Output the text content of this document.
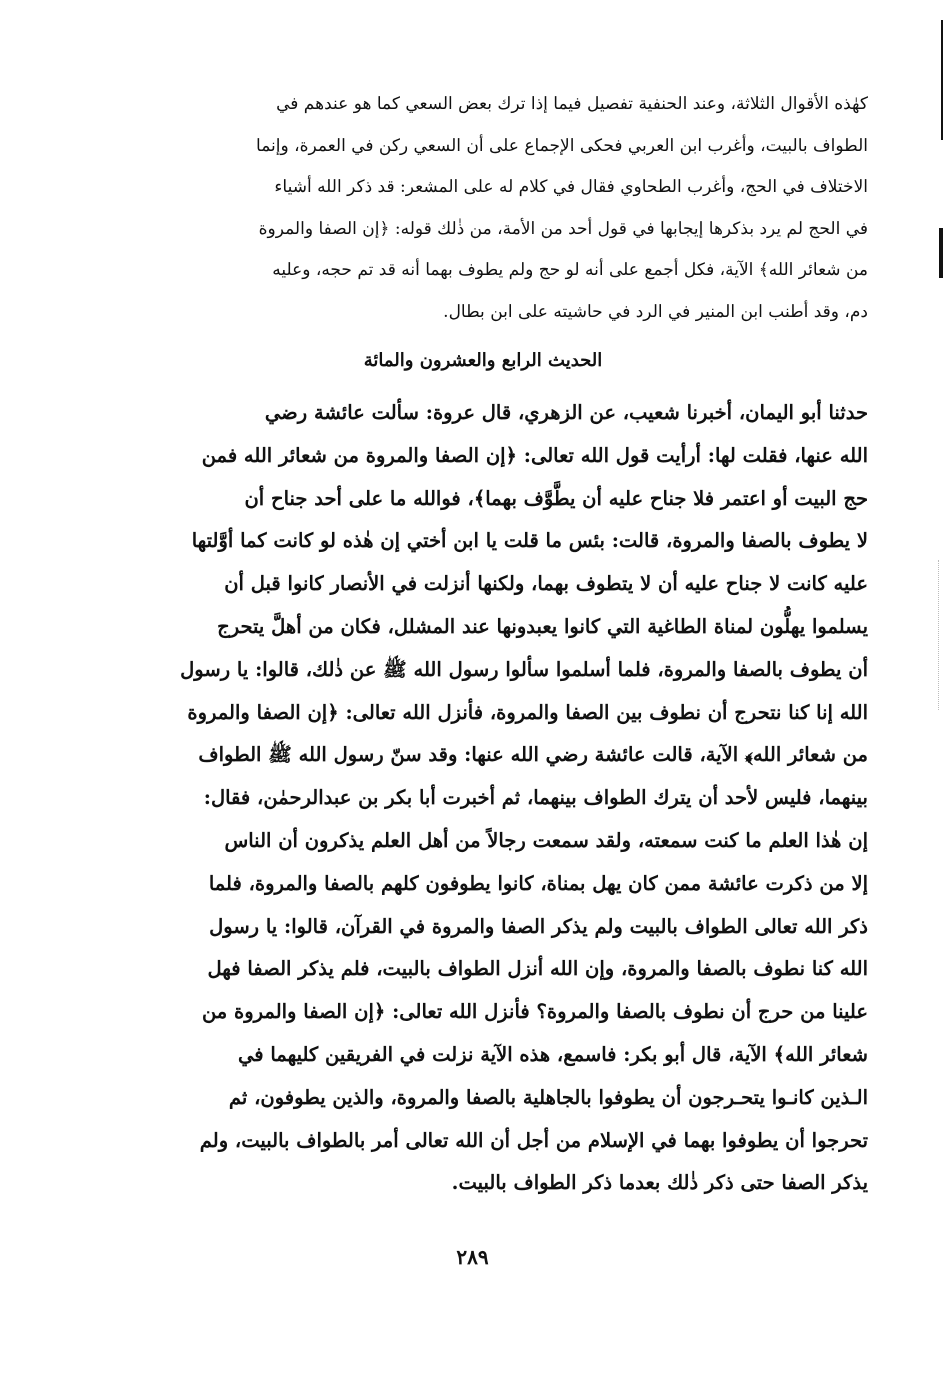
كهٰذه الأقوال الثلاثة، وعند الحنفية تفصيل فيما إذا ترك بعض السعي كما هو عندهم في
الطواف بالبيت، وأغرب ابن العربي فحكى الإجماع على أن السعي ركن في العمرة، وإنما
الاختلاف في الحج، وأغرب الطحاوي فقال في كلام له على المشعر: قد ذكر الله أشياء
في الحج لم يرد بذكرها إيجابها في قول أحد من الأمة، من ذٰلك قوله: ﴿إن الصفا والمروة
من شعائر الله﴾ الآية، فكل أجمع على أنه لو حج ولم يطوف بهما أنه قد تم حجه، وعليه
دم، وقد أطنب ابن المنير في الرد في حاشيته على ابن بطال.
الحديث الرابع والعشرون والمائة
حدثنا أبو اليمان، أخبرنا شعيب، عن الزهري، قال عروة: سألت عائشة رضي
الله عنها، فقلت لها: أرأيت قول الله تعالى: ﴿إن الصفا والمروة من شعائر الله فمن
حج البيت أو اعتمر فلا جناح عليه أن يطَّوَّف بهما﴾، فوالله ما على أحد جناح أن
لا يطوف بالصفا والمروة، قالت: بئس ما قلت يا ابن أختي إن هٰذه لو كانت كما أوَّلتها
عليه كانت لا جناح عليه أن لا يتطوف بهما، ولكنها أنزلت في الأنصار كانوا قبل أن
يسلموا يهلُّون لمناة الطاغية التي كانوا يعبدونها عند المشلل، فكان من أهلَّ يتحرج
أن يطوف بالصفا والمروة، فلما أسلموا سألوا رسول الله ﷺ عن ذٰلك، قالوا: يا رسول
الله إنا كنا نتحرج أن نطوف بين الصفا والمروة، فأنزل الله تعالى: ﴿إن الصفا والمروة
من شعائر الله﴾ الآية، قالت عائشة رضي الله عنها: وقد سنّ رسول الله ﷺ الطواف
بينهما، فليس لأحد أن يترك الطواف بينهما، ثم أخبرت أبا بكر بن عبدالرحمٰن، فقال:
إن هٰذا العلم ما كنت سمعته، ولقد سمعت رجالاً من أهل العلم يذكرون أن الناس
إلا من ذكرت عائشة ممن كان يهل بمناة، كانوا يطوفون كلهم بالصفا والمروة، فلما
ذكر الله تعالى الطواف بالبيت ولم يذكر الصفا والمروة في القرآن، قالوا: يا رسول
الله كنا نطوف بالصفا والمروة، وإن الله أنزل الطواف بالبيت، فلم يذكر الصفا فهل
علينا من حرج أن نطوف بالصفا والمروة؟ فأنزل الله تعالى: ﴿إن الصفا والمروة من
شعائر الله﴾ الآية، قال أبو بكر: فاسمع، هذه الآية نزلت في الفريقين كليهما في
الـذين كانـوا يتحـرجون أن يطوفوا بالجاهلية بالصفا والمروة، والذين يطوفون، ثم
تحرجوا أن يطوفوا بهما في الإسلام من أجل أن الله تعالى أمر بالطواف بالبيت، ولم
يذكر الصفا حتى ذكر ذٰلك بعدما ذكر الطواف بالبيت.
٢٨٩
